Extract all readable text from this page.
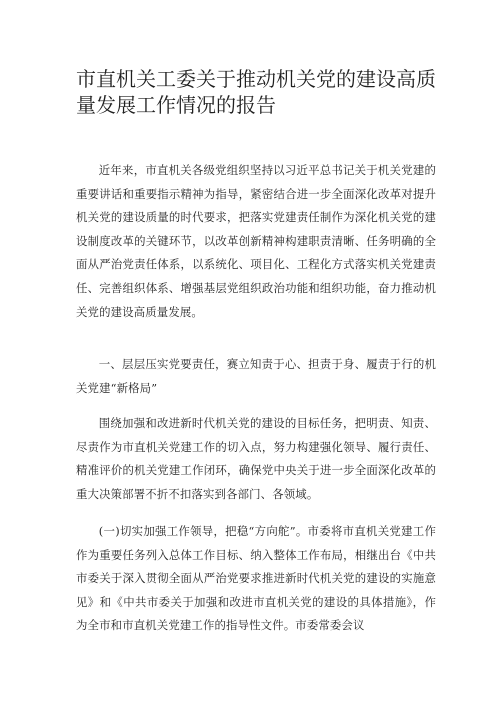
市直机关工委关于推动机关党的建设高质量发展工作情况的报告

近年来，市直机关各级党组织坚持以习近平总书记关于机关党建的重要讲话和重要指示精神为指导，紧密结合进一步全面深化改革对提升机关党的建设质量的时代要求，把落实党建责任制作为深化机关党的建设制度改革的关键环节，以改革创新精神构建职责清晰、任务明确的全面从严治党责任体系，以系统化、项目化、工程化方式落实机关党建责任、完善组织体系、增强基层党组织政治功能和组织功能，奋力推动机关党的建设高质量发展。

一、层层压实党要责任，赛立知责于心、担责于身、履责于行的机关党建“新格局”

围绕加强和改进新时代机关党的建设的目标任务，把明责、知责、尽责作为市直机关党建工作的切入点，努力构建强化领导、履行责任、精准评价的机关党建工作闭环，确保党中央关于进一步全面深化改革的重大决策部署不折不扣落实到各部门、各领域。

(一)切实加强工作领导，把稳“方向舵”。市委将市直机关党建工作作为重要任务列入总体工作目标、纳入整体工作布局，相继出台《中共市委关于深入贯彻全面从严治党要求推进新时代机关党的建设的实施意见》和《中共市委关于加强和改进市直机关党的建设的具体措施》，作为全市和市直机关党建工作的指导性文件。市委常委会议
